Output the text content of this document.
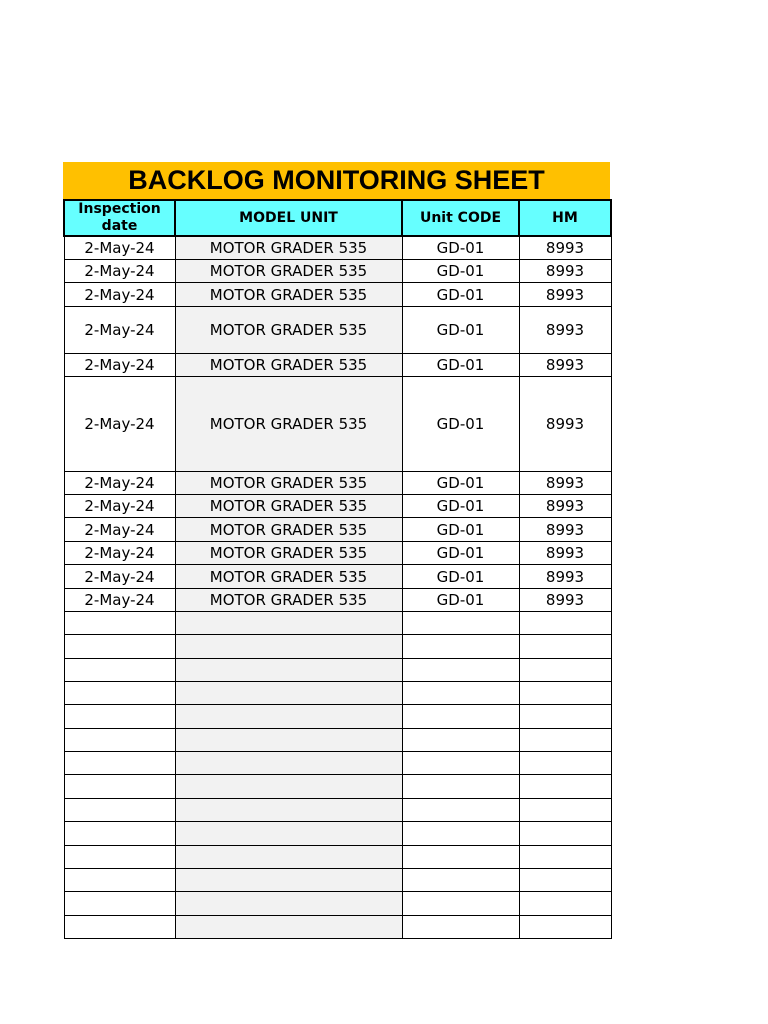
BACKLOG MONITORING SHEET
Inspection date	MODEL UNIT	Unit CODE	HM
2-May-24	MOTOR GRADER 535	GD-01	8993
2-May-24	MOTOR GRADER 535	GD-01	8993
2-May-24	MOTOR GRADER 535	GD-01	8993
2-May-24	MOTOR GRADER 535	GD-01	8993
2-May-24	MOTOR GRADER 535	GD-01	8993
2-May-24	MOTOR GRADER 535	GD-01	8993
2-May-24	MOTOR GRADER 535	GD-01	8993
2-May-24	MOTOR GRADER 535	GD-01	8993
2-May-24	MOTOR GRADER 535	GD-01	8993
2-May-24	MOTOR GRADER 535	GD-01	8993
2-May-24	MOTOR GRADER 535	GD-01	8993
2-May-24	MOTOR GRADER 535	GD-01	8993
